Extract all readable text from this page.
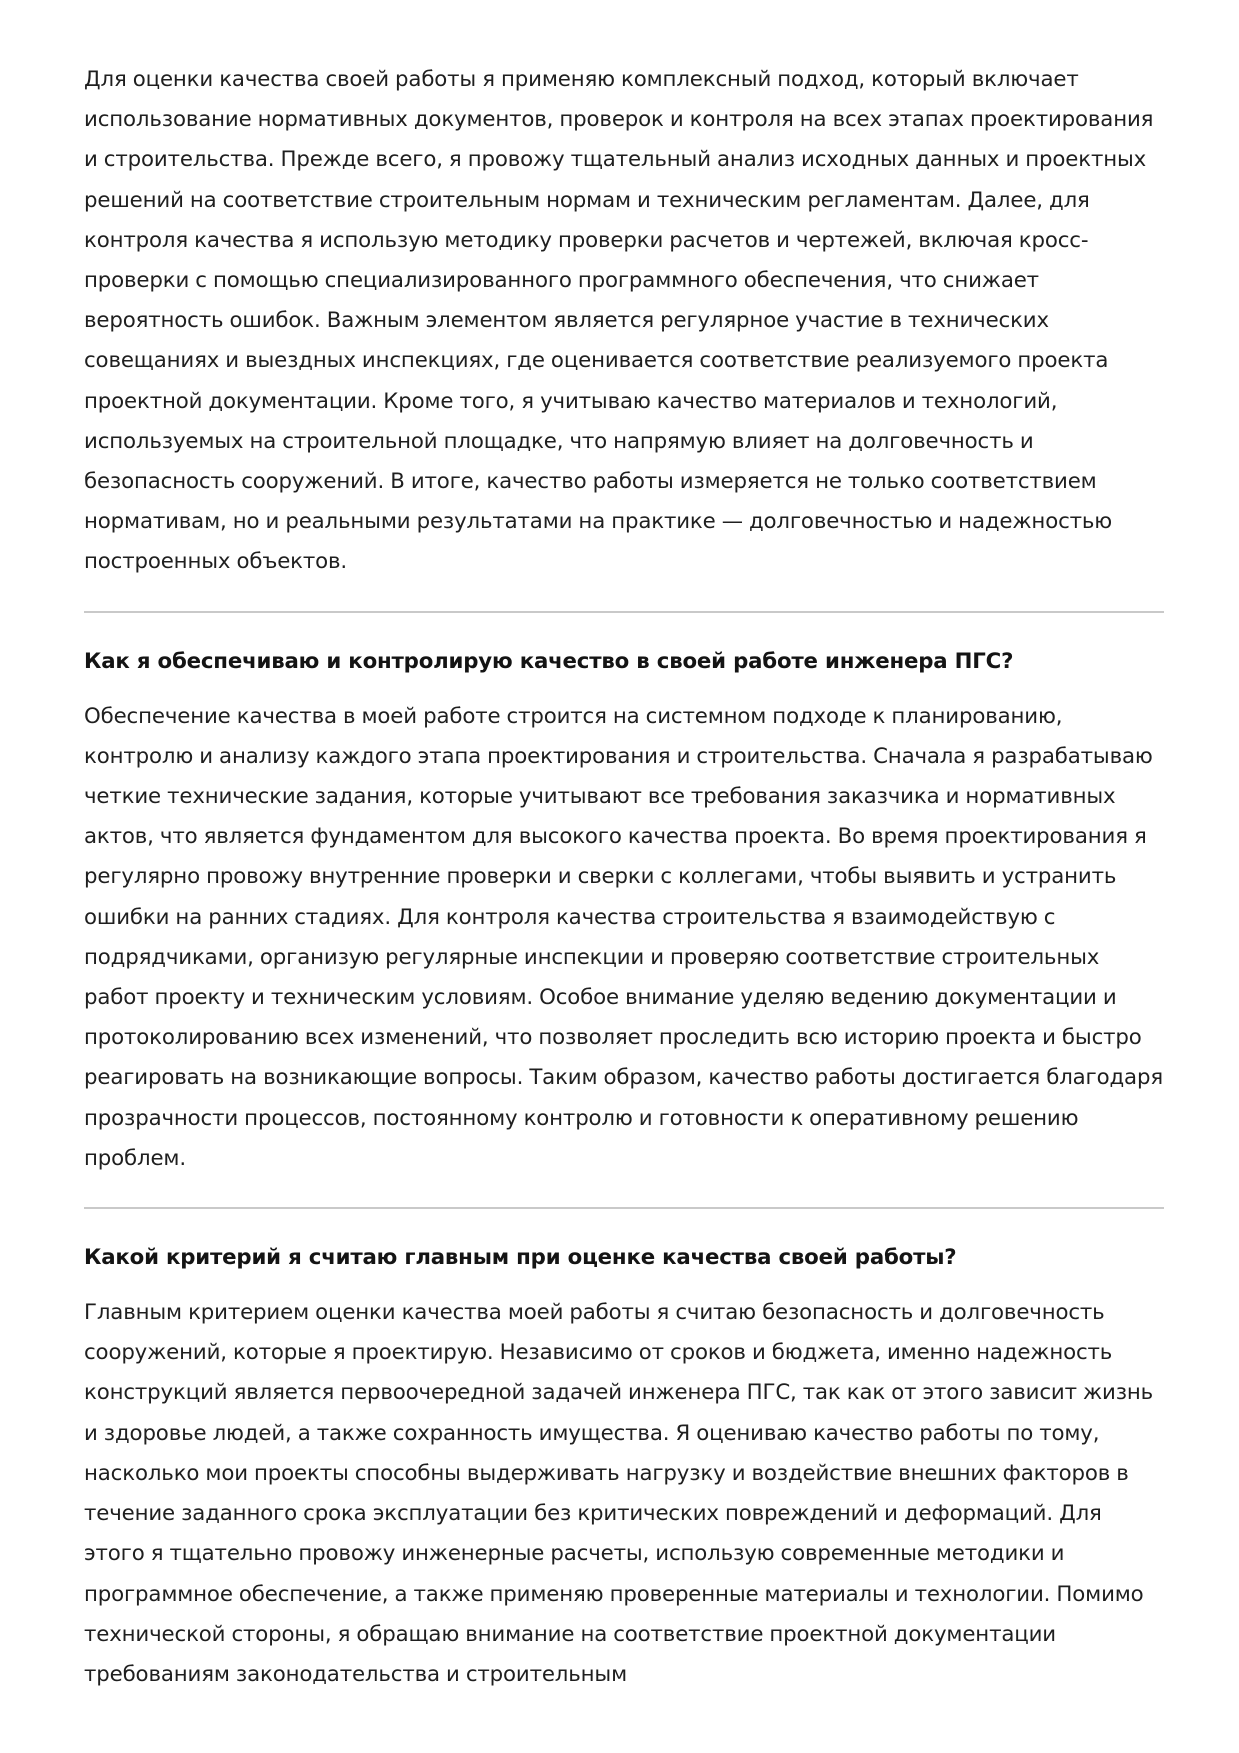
Для оценки качества своей работы я применяю комплексный подход, который включает использование нормативных документов, проверок и контроля на всех этапах проектирования и строительства. Прежде всего, я провожу тщательный анализ исходных данных и проектных решений на соответствие строительным нормам и техническим регламентам. Далее, для контроля качества я использую методику проверки расчетов и чертежей, включая кросс-проверки с помощью специализированного программного обеспечения, что снижает вероятность ошибок. Важным элементом является регулярное участие в технических совещаниях и выездных инспекциях, где оценивается соответствие реализуемого проекта проектной документации. Кроме того, я учитываю качество материалов и технологий, используемых на строительной площадке, что напрямую влияет на долговечность и безопасность сооружений. В итоге, качество работы измеряется не только соответствием нормативам, но и реальными результатами на практике — долговечностью и надежностью построенных объектов.

Как я обеспечиваю и контролирую качество в своей работе инженера ПГС?

Обеспечение качества в моей работе строится на системном подходе к планированию, контролю и анализу каждого этапа проектирования и строительства. Сначала я разрабатываю четкие технические задания, которые учитывают все требования заказчика и нормативных актов, что является фундаментом для высокого качества проекта. Во время проектирования я регулярно провожу внутренние проверки и сверки с коллегами, чтобы выявить и устранить ошибки на ранних стадиях. Для контроля качества строительства я взаимодействую с подрядчиками, организую регулярные инспекции и проверяю соответствие строительных работ проекту и техническим условиям. Особое внимание уделяю ведению документации и протоколированию всех изменений, что позволяет проследить всю историю проекта и быстро реагировать на возникающие вопросы. Таким образом, качество работы достигается благодаря прозрачности процессов, постоянному контролю и готовности к оперативному решению проблем.

Какой критерий я считаю главным при оценке качества своей работы?

Главным критерием оценки качества моей работы я считаю безопасность и долговечность сооружений, которые я проектирую. Независимо от сроков и бюджета, именно надежность конструкций является первоочередной задачей инженера ПГС, так как от этого зависит жизнь и здоровье людей, а также сохранность имущества. Я оцениваю качество работы по тому, насколько мои проекты способны выдерживать нагрузку и воздействие внешних факторов в течение заданного срока эксплуатации без критических повреждений и деформаций. Для этого я тщательно провожу инженерные расчеты, использую современные методики и программное обеспечение, а также применяю проверенные материалы и технологии. Помимо технической стороны, я обращаю внимание на соответствие проектной документации требованиям законодательства и строительным
